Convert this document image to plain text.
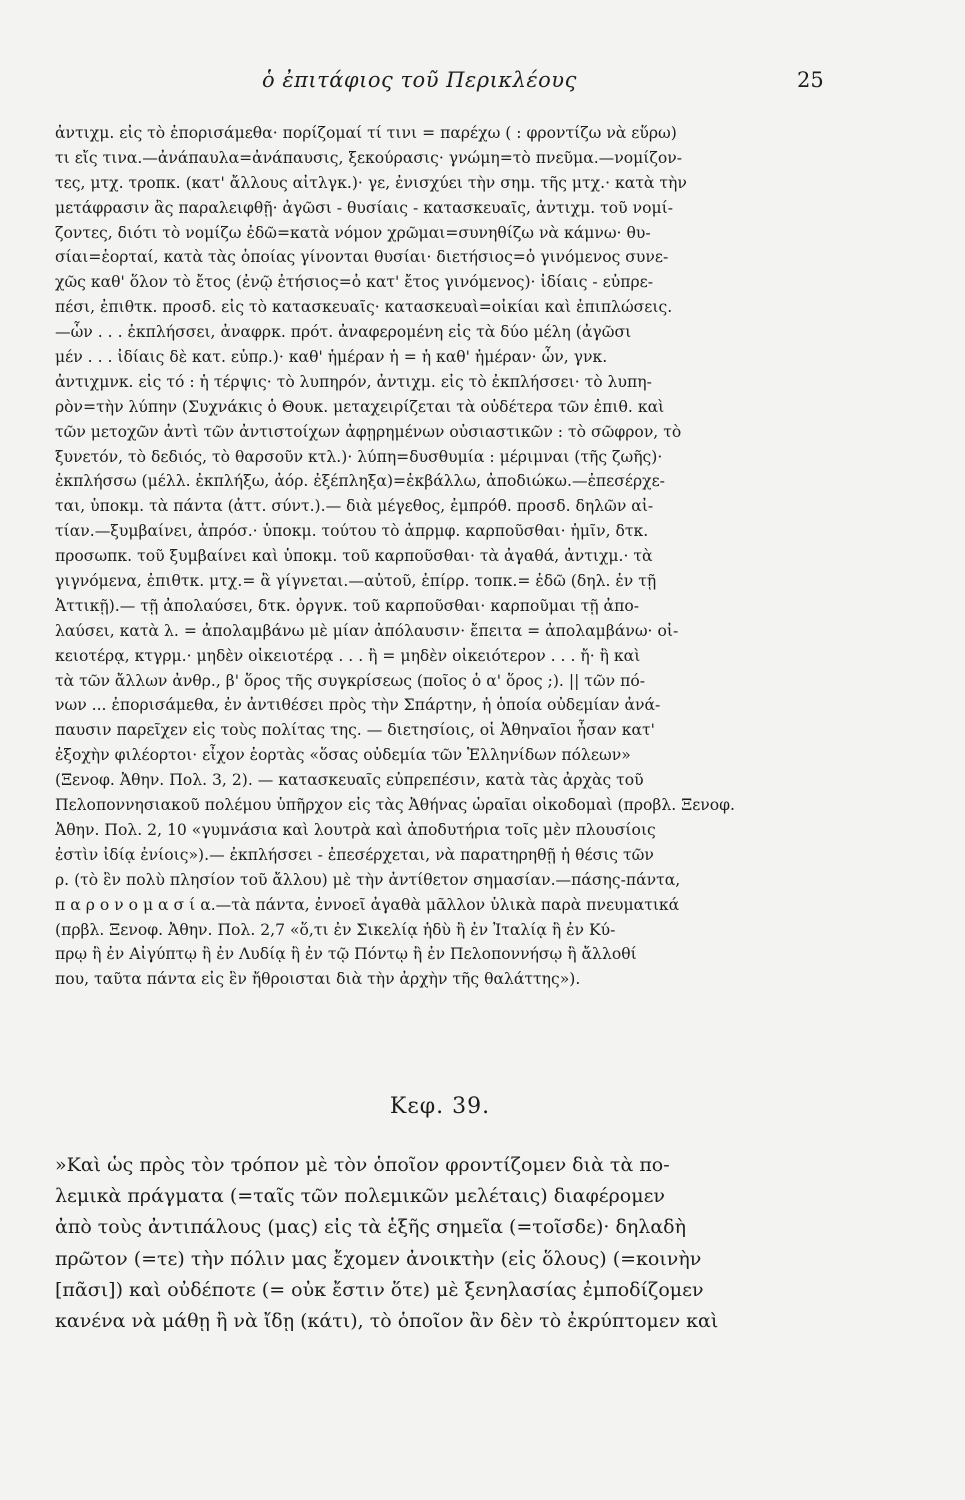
ὁ ἐπιτάφιος τοῦ Περικλέους	25
ἀντιχμ. εἰς τὸ ἐπορισάμεθα· πορίζομαί τί τινι = παρέχω ( : φροντίζω νὰ εὕρω)
τι εἴς τινα.—ἀνάπαυλα=ἀνάπαυσις, ξεκούρασις· γνώμη=τὸ πνεῦμα.—νομίζον-
τες, μτχ. τροπκ. (κατ' ἄλλους αἰτλγκ.)· γε, ἐνισχύει τὴν σημ. τῆς μτχ.· κατὰ τὴν
μετάφρασιν ἂς παραλειφθῇ· ἀγῶσι - θυσίαις - κατασκευαῖς, ἀντιχμ. τοῦ νομί-
ζοντες, διότι τὸ νομίζω ἐδῶ=κατὰ νόμον χρῶμαι=συνηθίζω νὰ κάμνω· θυ-
σίαι=ἑορταί, κατὰ τὰς ὁποίας γίνονται θυσίαι· διετήσιος=ὁ γινόμενος συνε-
χῶς καθ' ὅλον τὸ ἔτος (ἐνῷ ἐτήσιος=ὁ κατ' ἔτος γινόμενος)· ἰδίαις - εὐπρε-
πέσι, ἐπιθτκ. προσδ. εἰς τὸ κατασκευαῖς· κατασκευαὶ=οἰκίαι καὶ ἐπιπλώσεις.
—ὧν . . . ἐκπλήσσει, ἀναφρκ. πρότ. ἀναφερομένη εἰς τὰ δύο μέλη (ἀγῶσι
μέν . . . ἰδίαις δὲ κατ. εὐπρ.)· καθ' ἡμέραν ἡ = ἡ καθ' ἡμέραν· ὧν, γνκ.
ἀντιχμνκ. εἰς τό : ἡ τέρψις· τὸ λυπηρόν, ἀντιχμ. εἰς τὸ ἐκπλήσσει· τὸ λυπη-
ρὸν=τὴν λύπην (Συχνάκις ὁ Θουκ. μεταχειρίζεται τὰ οὐδέτερα τῶν ἐπιθ. καὶ
τῶν μετοχῶν ἀντὶ τῶν ἀντιστοίχων ἀφῃρημένων οὐσιαστικῶν : τὸ σῶφρον, τὸ
ξυνετόν, τὸ δεδιός, τὸ θαρσοῦν κτλ.)· λύπη=δυσθυμία : μέριμναι (τῆς ζωῆς)·
ἐκπλήσσω (μέλλ. ἐκπλήξω, ἀόρ. ἐξέπληξα)=ἐκβάλλω, ἀποδιώκω.—ἐπεσέρχε-
ται, ὑποκμ. τὰ πάντα (ἀττ. σύντ.).— διὰ μέγεθος, ἐμπρόθ. προσδ. δηλῶν αἰ-
τίαν.—ξυμβαίνει, ἀπρόσ.· ὑποκμ. τούτου τὸ ἀπρμφ. καρποῦσθαι· ἡμῖν, δτκ.
προσωπκ. τοῦ ξυμβαίνει καὶ ὑποκμ. τοῦ καρποῦσθαι· τὰ ἀγαθά, ἀντιχμ.· τὰ
γιγνόμενα, ἐπιθτκ. μτχ.= ἃ γίγνεται.—αὐτοῦ, ἐπίρρ. τοπκ.= ἐδῶ (δηλ. ἐν τῇ
Ἀττικῇ).— τῇ ἀπολαύσει, δτκ. ὀργνκ. τοῦ καρποῦσθαι· καρποῦμαι τῇ ἀπο-
λαύσει, κατὰ λ. = ἀπολαμβάνω μὲ μίαν ἀπόλαυσιν· ἔπειτα = ἀπολαμβάνω· οἰ-
κειοτέρᾳ, κτγρμ.· μηδὲν οἰκειοτέρᾳ . . . ἢ = μηδὲν οἰκειότερον . . . ἤ· ἢ καὶ
τὰ τῶν ἄλλων ἀνθρ., β' ὅρος τῆς συγκρίσεως (ποῖος ὁ α' ὅρος ;). || τῶν πό-
νων ... ἐπορισάμεθα, ἐν ἀντιθέσει πρὸς τὴν Σπάρτην, ἡ ὁποία οὐδεμίαν ἀνά-
παυσιν παρεῖχεν εἰς τοὺς πολίτας της. — διετησίοις, οἱ Ἀθηναῖοι ἦσαν κατ'
ἐξοχὴν φιλέορτοι· εἶχον ἑορτὰς «ὅσας οὐδεμία τῶν Ἑλληνίδων πόλεων»
(Ξενοφ. Ἀθην. Πολ. 3, 2). — κατασκευαῖς εὐπρεπέσιν, κατὰ τὰς ἀρχὰς τοῦ
Πελοποννησιακοῦ πολέμου ὑπῆρχον εἰς τὰς Ἀθήνας ὡραῖαι οἰκοδομαὶ (προβλ. Ξενοφ.
Ἀθην. Πολ. 2, 10 «γυμνάσια καὶ λουτρὰ καὶ ἀποδυτήρια τοῖς μὲν πλουσίοις
ἐστὶν ἰδίᾳ ἐνίοις»).— ἐκπλήσσει - ἐπεσέρχεται, νὰ παρατηρηθῇ ἡ θέσις τῶν
ρ. (τὸ ἓν πολὺ πλησίον τοῦ ἄλλου) μὲ τὴν ἀντίθετον σημασίαν.—πάσης-πάντα,
π α ρ ο ν ο μ α σ ί α.—τὰ πάντα, ἐννοεῖ ἀγαθὰ μᾶλλον ὑλικὰ παρὰ πνευματικά
(πρβλ. Ξενοφ. Ἀθην. Πολ. 2,7 «ὅ,τι ἐν Σικελίᾳ ἡδὺ ἢ ἐν Ἰταλίᾳ ἢ ἐν Κύ-
πρῳ ἢ ἐν Αἰγύπτῳ ἢ ἐν Λυδίᾳ ἢ ἐν τῷ Πόντῳ ἢ ἐν Πελοποννήσῳ ἢ ἄλλοθί
που, ταῦτα πάντα εἰς ἓν ἤθροισται διὰ τὴν ἀρχὴν τῆς θαλάττης»).
Κεφ. 39.
»Καὶ ὡς πρὸς τὸν τρόπον μὲ τὸν ὁποῖον φροντίζομεν διὰ τὰ πο-
λεμικὰ πράγματα (=ταῖς τῶν πολεμικῶν μελέταις) διαφέρομεν
ἀπὸ τοὺς ἀντιπάλους (μας) εἰς τὰ ἑξῆς σημεῖα (=τοῖσδε)· δηλαδὴ
πρῶτον (=τε) τὴν πόλιν μας ἔχομεν ἀνοικτὴν (εἰς ὅλους) (=κοινὴν
[πᾶσι]) καὶ οὐδέποτε (= οὐκ ἔστιν ὅτε) μὲ ξενηλασίας ἐμποδίζομεν
κανένα νὰ μάθῃ ἢ νὰ ἴδῃ (κάτι), τὸ ὁποῖον ἂν δὲν τὸ ἐκρύπτομεν καὶ
